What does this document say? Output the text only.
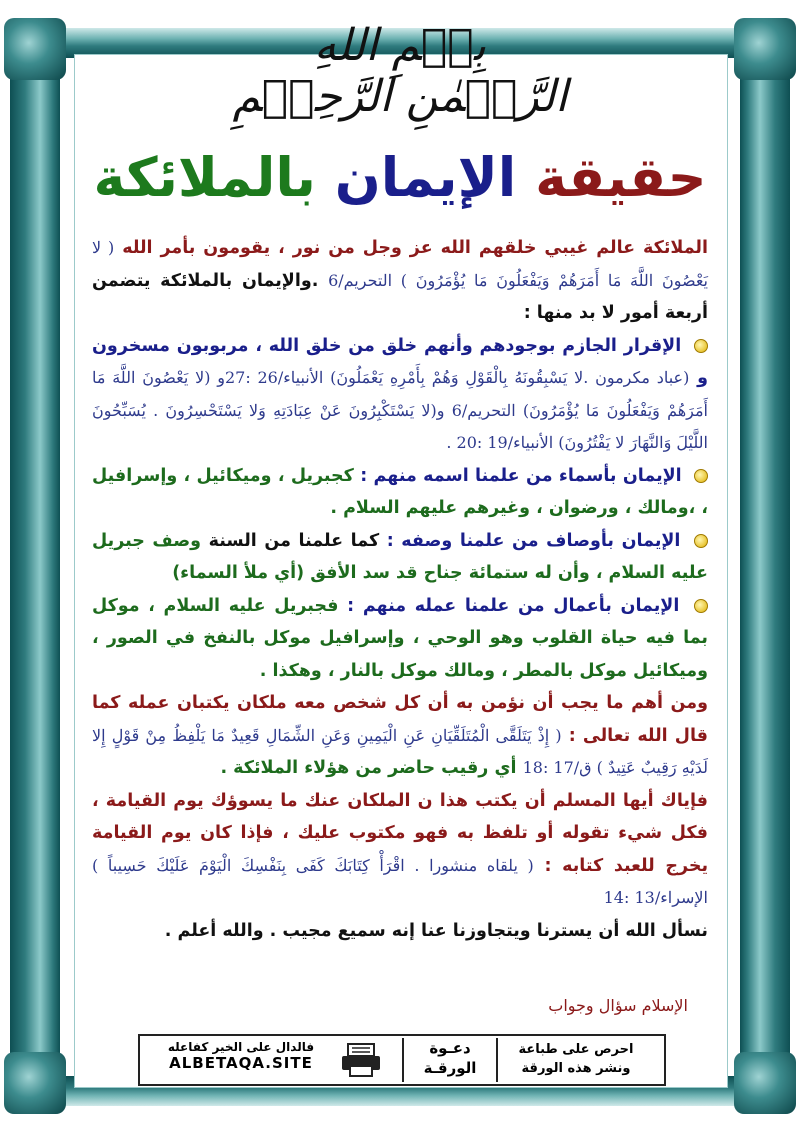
بِسۡمِ اللهِ الرَّحۡمٰنِ الرَّحِيۡمِ
حقيقة الإيمان بالملائكة

الملائكة عالم غيبي خلقهم الله عز وجل من نور ، يقومون بأمر الله ( لا يَعْصُونَ اللَّهَ مَا أَمَرَهُمْ وَيَفْعَلُونَ مَا يُؤْمَرُونَ ) التحريم/6 .والإيمان بالملائكة يتضمن أربعة أمور لا بد منها :

الإقرار الجازم بوجودهم وأنهم خلق من خلق الله ، مربوبون مسخرون و (عباد مكرمون .لا يَسْبِقُونَهُ بِالْقَوْلِ وَهُمْ بِأَمْرِهِ يَعْمَلُونَ) الأنبياء/26 :27و (لا يَعْصُونَ اللَّهَ مَا أَمَرَهُمْ وَيَفْعَلُونَ مَا يُؤْمَرُونَ) التحريم/6 و(لا يَسْتَكْبِرُونَ عَنْ عِبَادَتِهِ وَلا يَسْتَحْسِرُونَ . يُسَبِّحُونَ اللَّيْلَ وَالنَّهَارَ لا يَفْتُرُونَ) الأنبياء/19 :20 .

الإيمان بأسماء من علمنا اسمه منهم : كجبريل ، وميكائيل ، وإسرافيل ، ،ومالك ، ورضوان ، وغيرهم عليهم السلام .

الإيمان بأوصاف من علمنا وصفه : كما علمنا من السنة وصف جبريل عليه السلام ، وأن له ستمائة جناح قد سد الأفق (أي ملأ السماء)

الإيمان بأعمال من علمنا عمله منهم : فجبريل عليه السلام ، موكل بما فيه حياة القلوب وهو الوحي ، وإسرافيل موكل بالنفخ في الصور ، وميكائيل موكل بالمطر ، ومالك موكل بالنار ، وهكذا .

ومن أهم ما يجب أن نؤمن به أن كل شخص معه ملكان يكتبان عمله كما قال الله تعالى : ( إِذْ يَتَلَقَّى الْمُتَلَقِّيَانِ عَنِ الْيَمِينِ وَعَنِ الشِّمَالِ قَعِيدٌ مَا يَلْفِظُ مِنْ قَوْلٍ إِلا لَدَيْهِ رَقِيبٌ عَتِيدٌ ) ق/17 :18 أي رقيب حاضر من هؤلاء الملائكة .

فإياك أيها المسلم أن يكتب هذا ن الملكان عنك ما يسوؤك يوم القيامة ، فكل شيء تقوله أو تلفظ به فهو مكتوب عليك ، فإذا كان يوم القيامة يخرج للعبد كتابه : ( يلقاه منشورا . اقْرَأْ كِتَابَكَ كَفَى بِنَفْسِكَ الْيَوْمَ عَلَيْكَ حَسِيباً ) الإسراء/13 :14

نسأل الله أن يسترنا ويتجاوزنا عنا إنه سميع مجيب . والله أعلم .

الإسلام سؤال وجواب
فالدال على الخير كفاعله
ALBETAQA.SITE
دعـوة
الورقـة
احرص على طباعة
ونشر هذه الورقة
